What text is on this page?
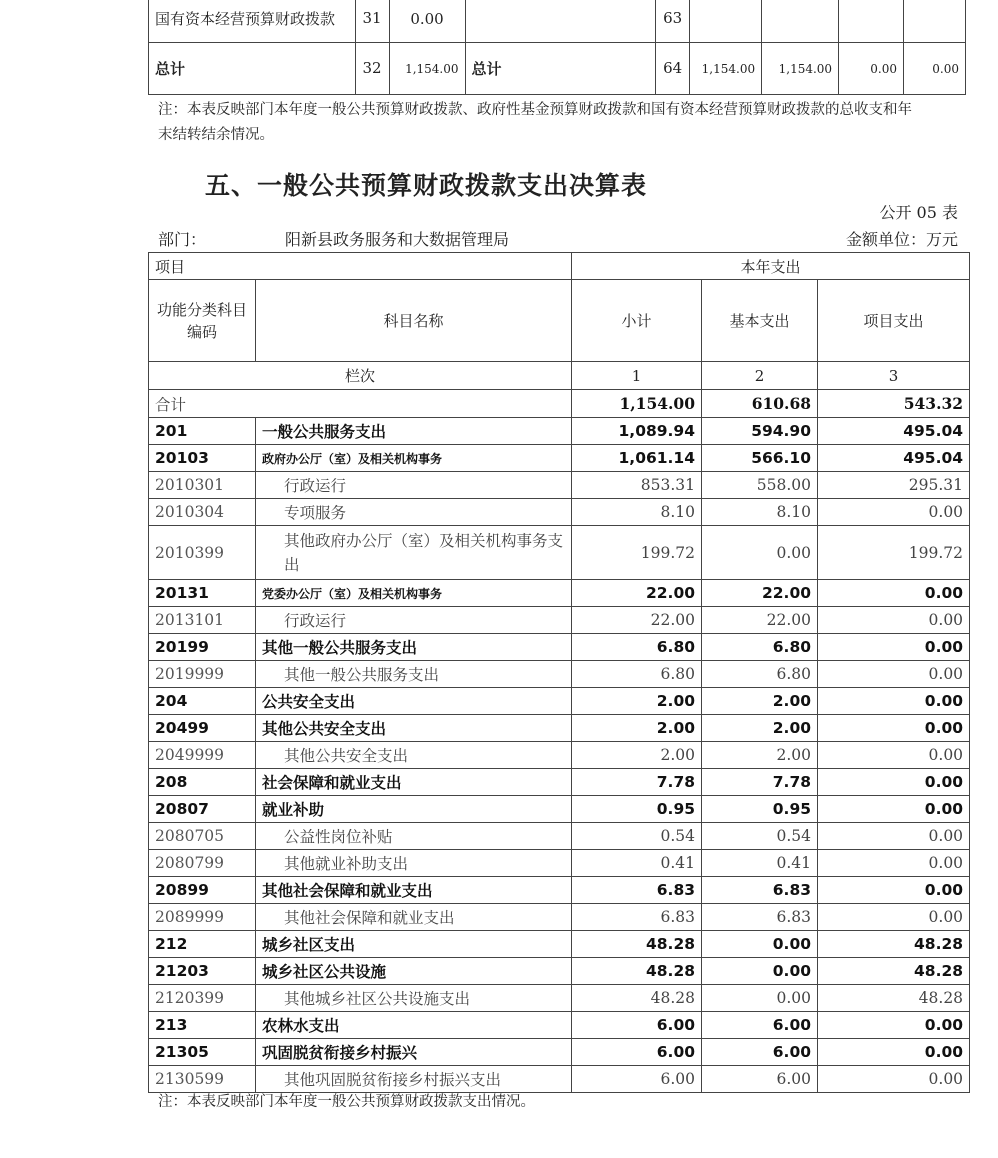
国有资本经营预算财政拨款	31	0.00		63				
总计	32	1,154.00	总计	64	1,154.00	1,154.00	0.00	0.00
注：本表反映部门本年度一般公共预算财政拨款、政府性基金预算财政拨款和国有资本经营预算财政拨款的总收支和年末结转结余情况。
五、一般公共预算财政拨款支出决算表
公开 05 表
部门：	阳新县政务服务和大数据管理局	金额单位：万元
项目		本年支出		
功能分类科目编码	科目名称	小计	基本支出	项目支出
栏次		1	2	3
合计		1,154.00	610.68	543.32
201	一般公共服务支出	1,089.94	594.90	495.04
20103	政府办公厅（室）及相关机构事务	1,061.14	566.10	495.04
2010301	行政运行	853.31	558.00	295.31
2010304	专项服务	8.10	8.10	0.00
2010399	其他政府办公厅（室）及相关机构事务支出	199.72	0.00	199.72
20131	党委办公厅（室）及相关机构事务	22.00	22.00	0.00
2013101	行政运行	22.00	22.00	0.00
20199	其他一般公共服务支出	6.80	6.80	0.00
2019999	其他一般公共服务支出	6.80	6.80	0.00
204	公共安全支出	2.00	2.00	0.00
20499	其他公共安全支出	2.00	2.00	0.00
2049999	其他公共安全支出	2.00	2.00	0.00
208	社会保障和就业支出	7.78	7.78	0.00
20807	就业补助	0.95	0.95	0.00
2080705	公益性岗位补贴	0.54	0.54	0.00
2080799	其他就业补助支出	0.41	0.41	0.00
20899	其他社会保障和就业支出	6.83	6.83	0.00
2089999	其他社会保障和就业支出	6.83	6.83	0.00
212	城乡社区支出	48.28	0.00	48.28
21203	城乡社区公共设施	48.28	0.00	48.28
2120399	其他城乡社区公共设施支出	48.28	0.00	48.28
213	农林水支出	6.00	6.00	0.00
21305	巩固脱贫衔接乡村振兴	6.00	6.00	0.00
2130599	其他巩固脱贫衔接乡村振兴支出	6.00	6.00	0.00
注：本表反映部门本年度一般公共预算财政拨款支出情况。
